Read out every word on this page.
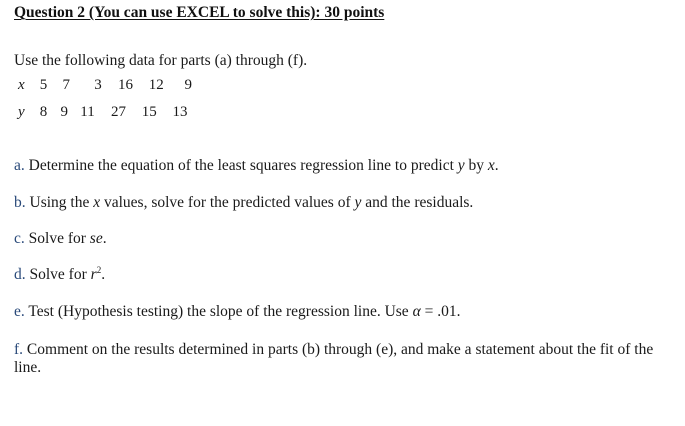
Question 2 (You can use EXCEL to solve this): 30 points
Use the following data for parts (a) through (f).
x 5 7 3 16 12 9
y 8 9 11 27 15 13
a. Determine the equation of the least squares regression line to predict y by x.
b. Using the x values, solve for the predicted values of y and the residuals.
c. Solve for se.
d. Solve for $r^2$.
e. Test (Hypothesis testing) the slope of the regression line. Use α = .01.
f. Comment on the results determined in parts (b) through (e), and make a statement about the fit of the line.
